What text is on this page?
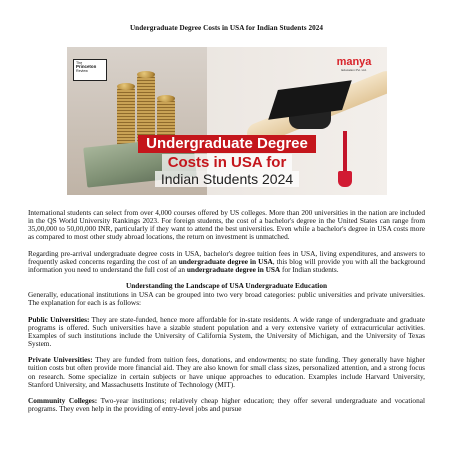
Undergraduate Degree Costs in USA for Indian Students 2024
The
Princeton
Review
manya
Education Pvt. Ltd.
Undergraduate Degree
Costs in USA for
Indian Students 2024

International students can select from over 4,000 courses offered by US colleges. More than 200 universities in the nation are included in the QS World University Rankings 2023. For foreign students, the cost of a bachelor's degree in the United States can range from 35,00,000 to 50,00,000 INR, particularly if they want to attend the best universities. Even while a bachelor's degree in USA costs more as compared to most other study abroad locations, the return on investment is unmatched.

Regarding pre-arrival undergraduate degree costs in USA, bachelor's degree tuition fees in USA, living expenditures, and answers to frequently asked concerns regarding the cost of an undergraduate degree in USA, this blog will provide you with all the background information you need to understand the full cost of an undergraduate degree in USA for Indian students.

Understanding the Landscape of USA Undergraduate Education

Generally, educational institutions in USA can be grouped into two very broad categories: public universities and private universities. The explanation for each is as follows:

Public Universities: They are state-funded, hence more affordable for in-state residents. A wide range of undergraduate and graduate programs is offered. Such universities have a sizable student population and a very extensive variety of extracurricular activities. Examples of such institutions include the University of California System, the University of Michigan, and the University of Texas System.

Private Universities: They are funded from tuition fees, donations, and endowments; no state funding. They generally have higher tuition costs but often provide more financial aid. They are also known for small class sizes, personalized attention, and a strong focus on research. Some specialize in certain subjects or have unique approaches to education. Examples include Harvard University, Stanford University, and Massachusetts Institute of Technology (MIT).

Community Colleges: Two-year institutions; relatively cheap higher education; they offer several undergraduate and vocational programs. They even help in the providing of entry-level jobs and pursue
